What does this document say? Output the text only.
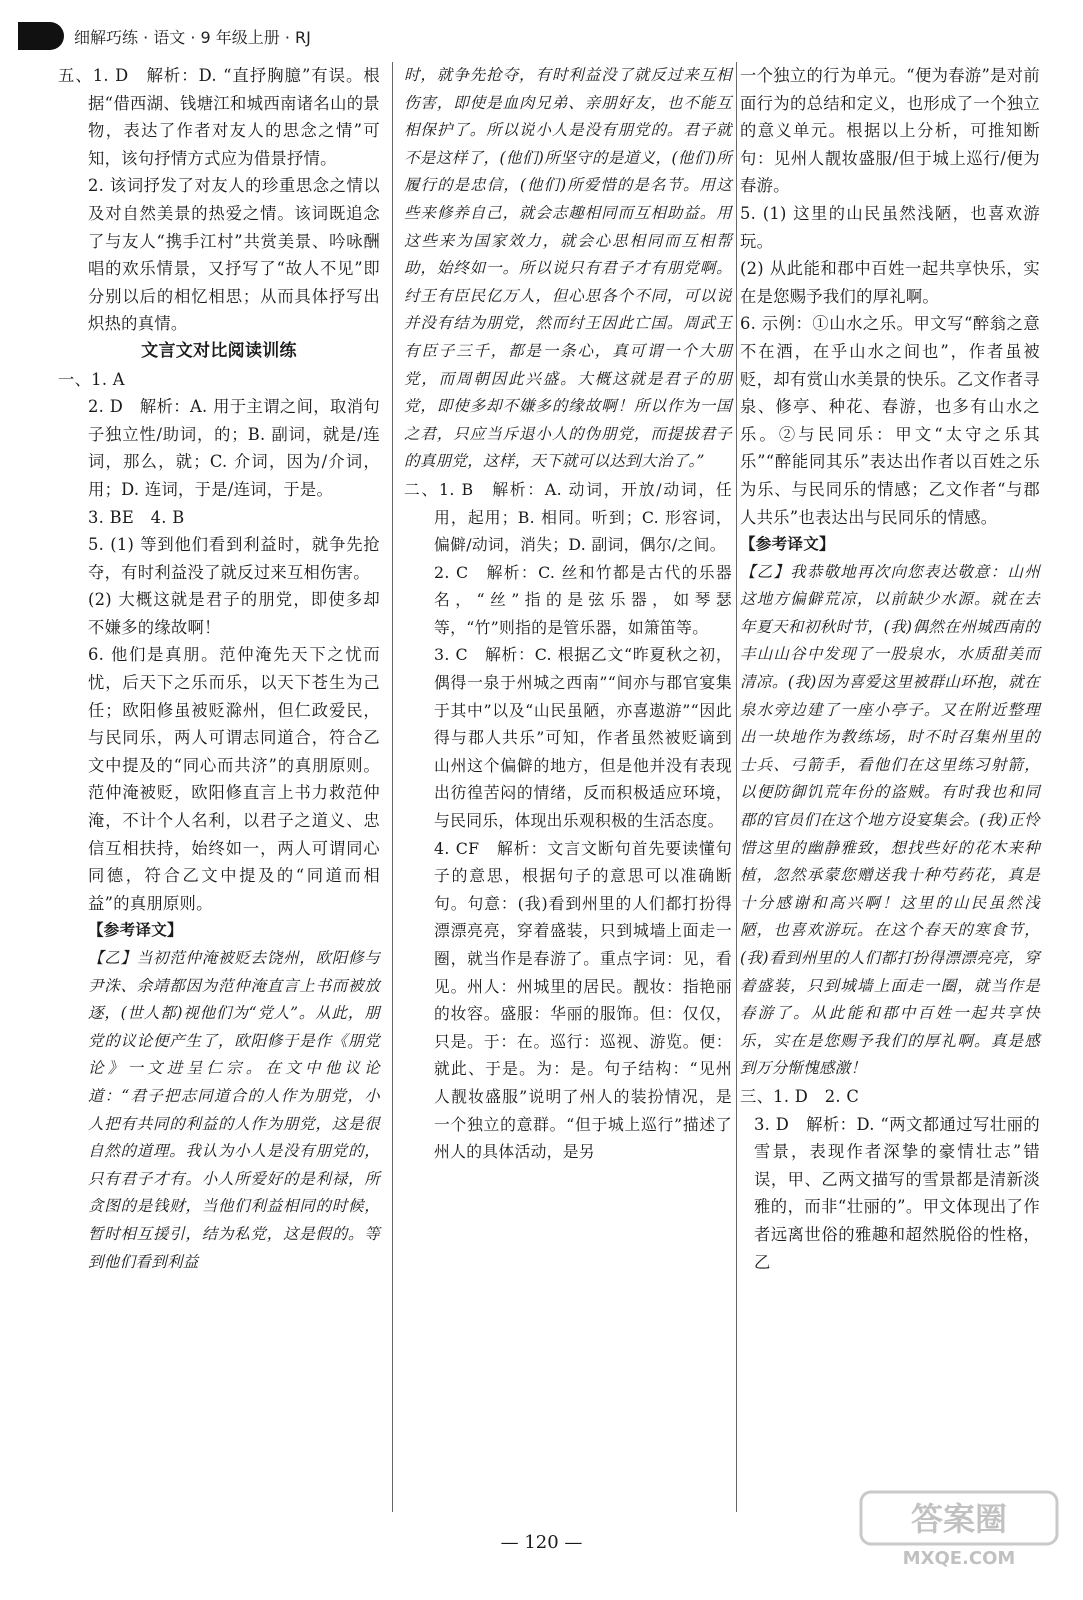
细解巧练 · 语文 · 9 年级上册 · RJ

五、1. D　解析：D. “直抒胸臆”有误。根据“借西湖、钱塘江和城西南诸名山的景物，表达了作者对友人的思念之情”可知，该句抒情方式应为借景抒情。

2. 该词抒发了对友人的珍重思念之情以及对自然美景的热爱之情。该词既追念了与友人“携手江村”共赏美景、吟咏酬唱的欢乐情景，又抒写了“故人不见”即分别以后的相忆相思；从而具体抒写出炽热的真情。

文言文对比阅读训练

一、1. A

2. D　解析：A. 用于主谓之间，取消句子独立性/助词，的；B. 副词，就是/连词，那么，就；C. 介词，因为/介词，用；D. 连词，于是/连词，于是。

3. BE　4. B

5. (1) 等到他们看到利益时，就争先抢夺，有时利益没了就反过来互相伤害。

(2) 大概这就是君子的朋党，即使多却不嫌多的缘故啊！

6. 他们是真朋。范仲淹先天下之忧而忧，后天下之乐而乐，以天下苍生为己任；欧阳修虽被贬滁州，但仁政爱民，与民同乐，两人可谓志同道合，符合乙文中提及的“同心而共济”的真朋原则。范仲淹被贬，欧阳修直言上书力救范仲淹，不计个人名利，以君子之道义、忠信互相扶持，始终如一，两人可谓同心同德，符合乙文中提及的“同道而相益”的真朋原则。

【参考译文】

【乙】当初范仲淹被贬去饶州，欧阳修与尹洙、余靖都因为范仲淹直言上书而被放逐，(世人都)视他们为“党人”。从此，朋党的议论便产生了，欧阳修于是作《朋党论》一文进呈仁宗。在文中他议论道：“君子把志同道合的人作为朋党，小人把有共同的利益的人作为朋党，这是很自然的道理。我认为小人是没有朋党的，只有君子才有。小人所爱好的是利禄，所贪图的是钱财，当他们利益相同的时候，暂时相互援引，结为私党，这是假的。等到他们看到利益

时，就争先抢夺，有时利益没了就反过来互相伤害，即使是血肉兄弟、亲朋好友，也不能互相保护了。所以说小人是没有朋党的。君子就不是这样了，(他们)所坚守的是道义，(他们)所履行的是忠信，(他们)所爱惜的是名节。用这些来修养自己，就会志趣相同而互相助益。用这些来为国家效力，就会心思相同而互相帮助，始终如一。所以说只有君子才有朋党啊。纣王有臣民亿万人，但心思各个不同，可以说并没有结为朋党，然而纣王因此亡国。周武王有臣子三千，都是一条心，真可谓一个大朋党，而周朝因此兴盛。大概这就是君子的朋党，即使多却不嫌多的缘故啊！所以作为一国之君，只应当斥退小人的伪朋党，而提拔君子的真朋党，这样，天下就可以达到大治了。”

二、1. B　解析：A. 动词，开放/动词，任用，起用；B. 相同。听到；C. 形容词，偏僻/动词，消失；D. 副词，偶尔/之间。

2. C　解析：C. 丝和竹都是古代的乐器名，“丝”指的是弦乐器，如琴瑟等，“竹”则指的是管乐器，如箫笛等。

3. C　解析：C. 根据乙文“昨夏秋之初，偶得一泉于州城之西南”“间亦与郡官宴集于其中”以及“山民虽陋，亦喜遨游”“因此得与郡人共乐”可知，作者虽然被贬谪到山州这个偏僻的地方，但是他并没有表现出彷徨苦闷的情绪，反而积极适应环境，与民同乐，体现出乐观积极的生活态度。

4. CF　解析：文言文断句首先要读懂句子的意思，根据句子的意思可以准确断句。句意：(我)看到州里的人们都打扮得漂漂亮亮，穿着盛装，只到城墙上面走一圈，就当作是春游了。重点字词：见，看见。州人：州城里的居民。靓妆：指艳丽的妆容。盛服：华丽的服饰。但：仅仅，只是。于：在。巡行：巡视、游览。便：就此、于是。为：是。句子结构：“见州人靓妆盛服”说明了州人的装扮情况，是一个独立的意群。“但于城上巡行”描述了州人的具体活动，是另

一个独立的行为单元。“便为春游”是对前面行为的总结和定义，也形成了一个独立的意义单元。根据以上分析，可推知断句：见州人靓妆盛服/但于城上巡行/便为春游。

5. (1) 这里的山民虽然浅陋，也喜欢游玩。

(2) 从此能和郡中百姓一起共享快乐，实在是您赐予我们的厚礼啊。

6. 示例：①山水之乐。甲文写“醉翁之意不在酒，在乎山水之间也”，作者虽被贬，却有赏山水美景的快乐。乙文作者寻泉、修亭、种花、春游，也多有山水之乐。②与民同乐：甲文“太守之乐其乐”“醉能同其乐”表达出作者以百姓之乐为乐、与民同乐的情感；乙文作者“与郡人共乐”也表达出与民同乐的情感。

【参考译文】

【乙】我恭敬地再次向您表达敬意：山州这地方偏僻荒凉，以前缺少水源。就在去年夏天和初秋时节，(我)偶然在州城西南的丰山山谷中发现了一股泉水，水质甜美而清凉。(我)因为喜爱这里被群山环抱，就在泉水旁边建了一座小亭子。又在附近整理出一块地作为教练场，时不时召集州里的士兵、弓箭手，看他们在这里练习射箭，以便防御饥荒年份的盗贼。有时我也和同郡的官员们在这个地方设宴集会。(我)正怜惜这里的幽静雅致，想找些好的花木来种植，忽然承蒙您赠送我十种芍药花，真是十分感谢和高兴啊！这里的山民虽然浅陋，也喜欢游玩。在这个春天的寒食节，(我)看到州里的人们都打扮得漂漂亮亮，穿着盛装，只到城墙上面走一圈，就当作是春游了。从此能和郡中百姓一起共享快乐，实在是您赐予我们的厚礼啊。真是感到万分惭愧感激！

三、1. D　2. C

3. D　解析：D. “两文都通过写壮丽的雪景，表现作者深挚的豪情壮志”错误，甲、乙两文描写的雪景都是清新淡雅的，而非“壮丽的”。甲文体现出了作者远离世俗的雅趣和超然脱俗的性格，乙

— 120 —
答案圈
MXQE.COM
